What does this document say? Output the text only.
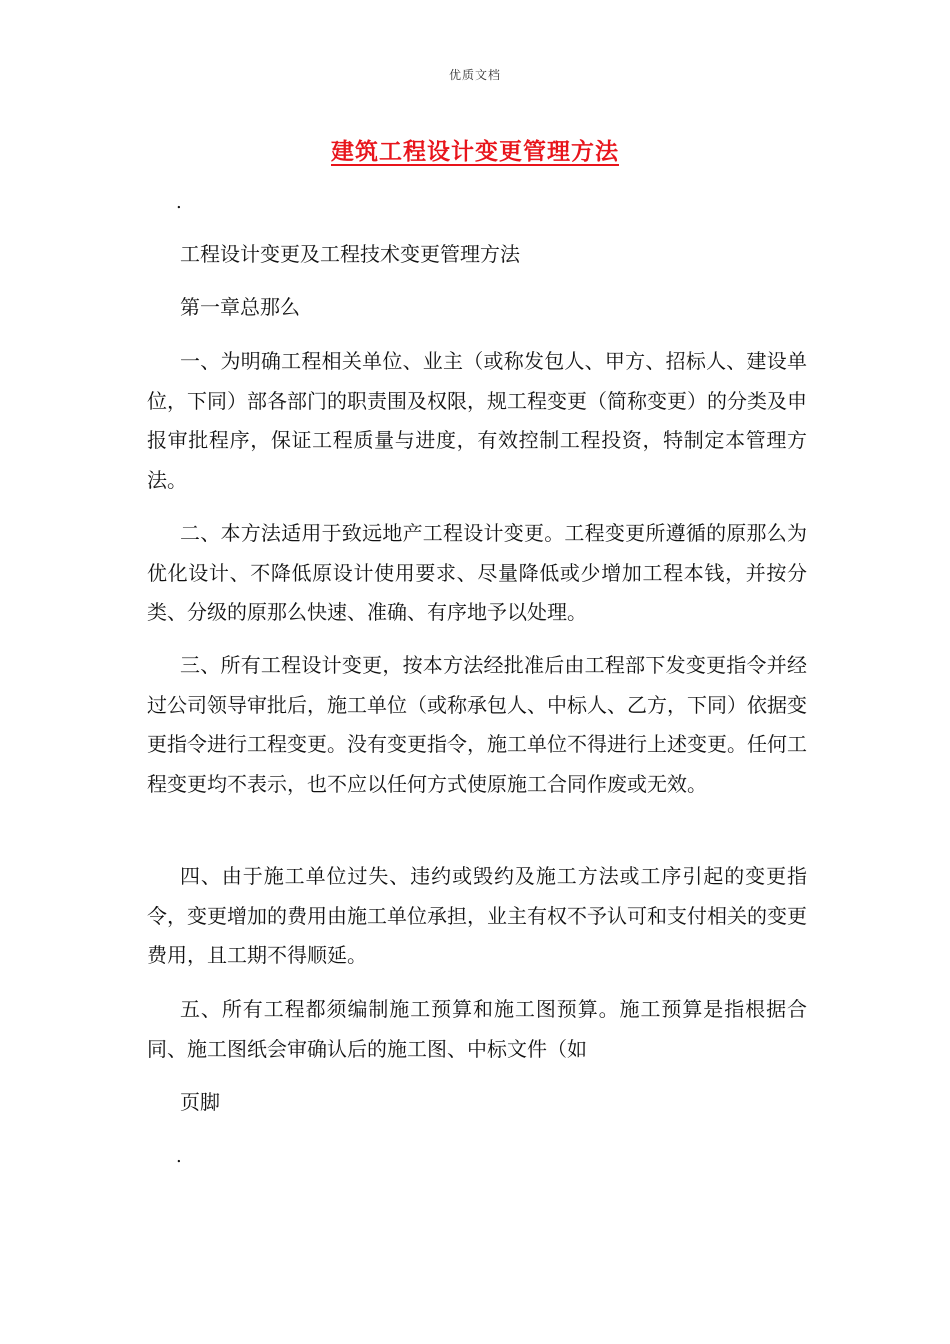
优质文档
建筑工程设计变更管理方法
.
工程设计变更及工程技术变更管理方法
第一章总那么
一、为明确工程相关单位、业主（或称发包人、甲方、招标人、建设单位，下同）部各部门的职责围及权限，规工程变更（简称变更）的分类及申报审批程序，保证工程质量与进度，有效控制工程投资，特制定本管理方法。
二、本方法适用于致远地产工程设计变更。工程变更所遵循的原那么为优化设计、不降低原设计使用要求、尽量降低或少增加工程本钱，并按分类、分级的原那么快速、准确、有序地予以处理。
三、所有工程设计变更，按本方法经批准后由工程部下发变更指令并经过公司领导审批后，施工单位（或称承包人、中标人、乙方，下同）依据变更指令进行工程变更。没有变更指令，施工单位不得进行上述变更。任何工程变更均不表示，也不应以任何方式使原施工合同作废或无效。
四、由于施工单位过失、违约或毁约及施工方法或工序引起的变更指令，变更增加的费用由施工单位承担，业主有权不予认可和支付相关的变更费用，且工期不得顺延。
五、所有工程都须编制施工预算和施工图预算。施工预算是指根据合同、施工图纸会审确认后的施工图、中标文件（如
页脚
.
